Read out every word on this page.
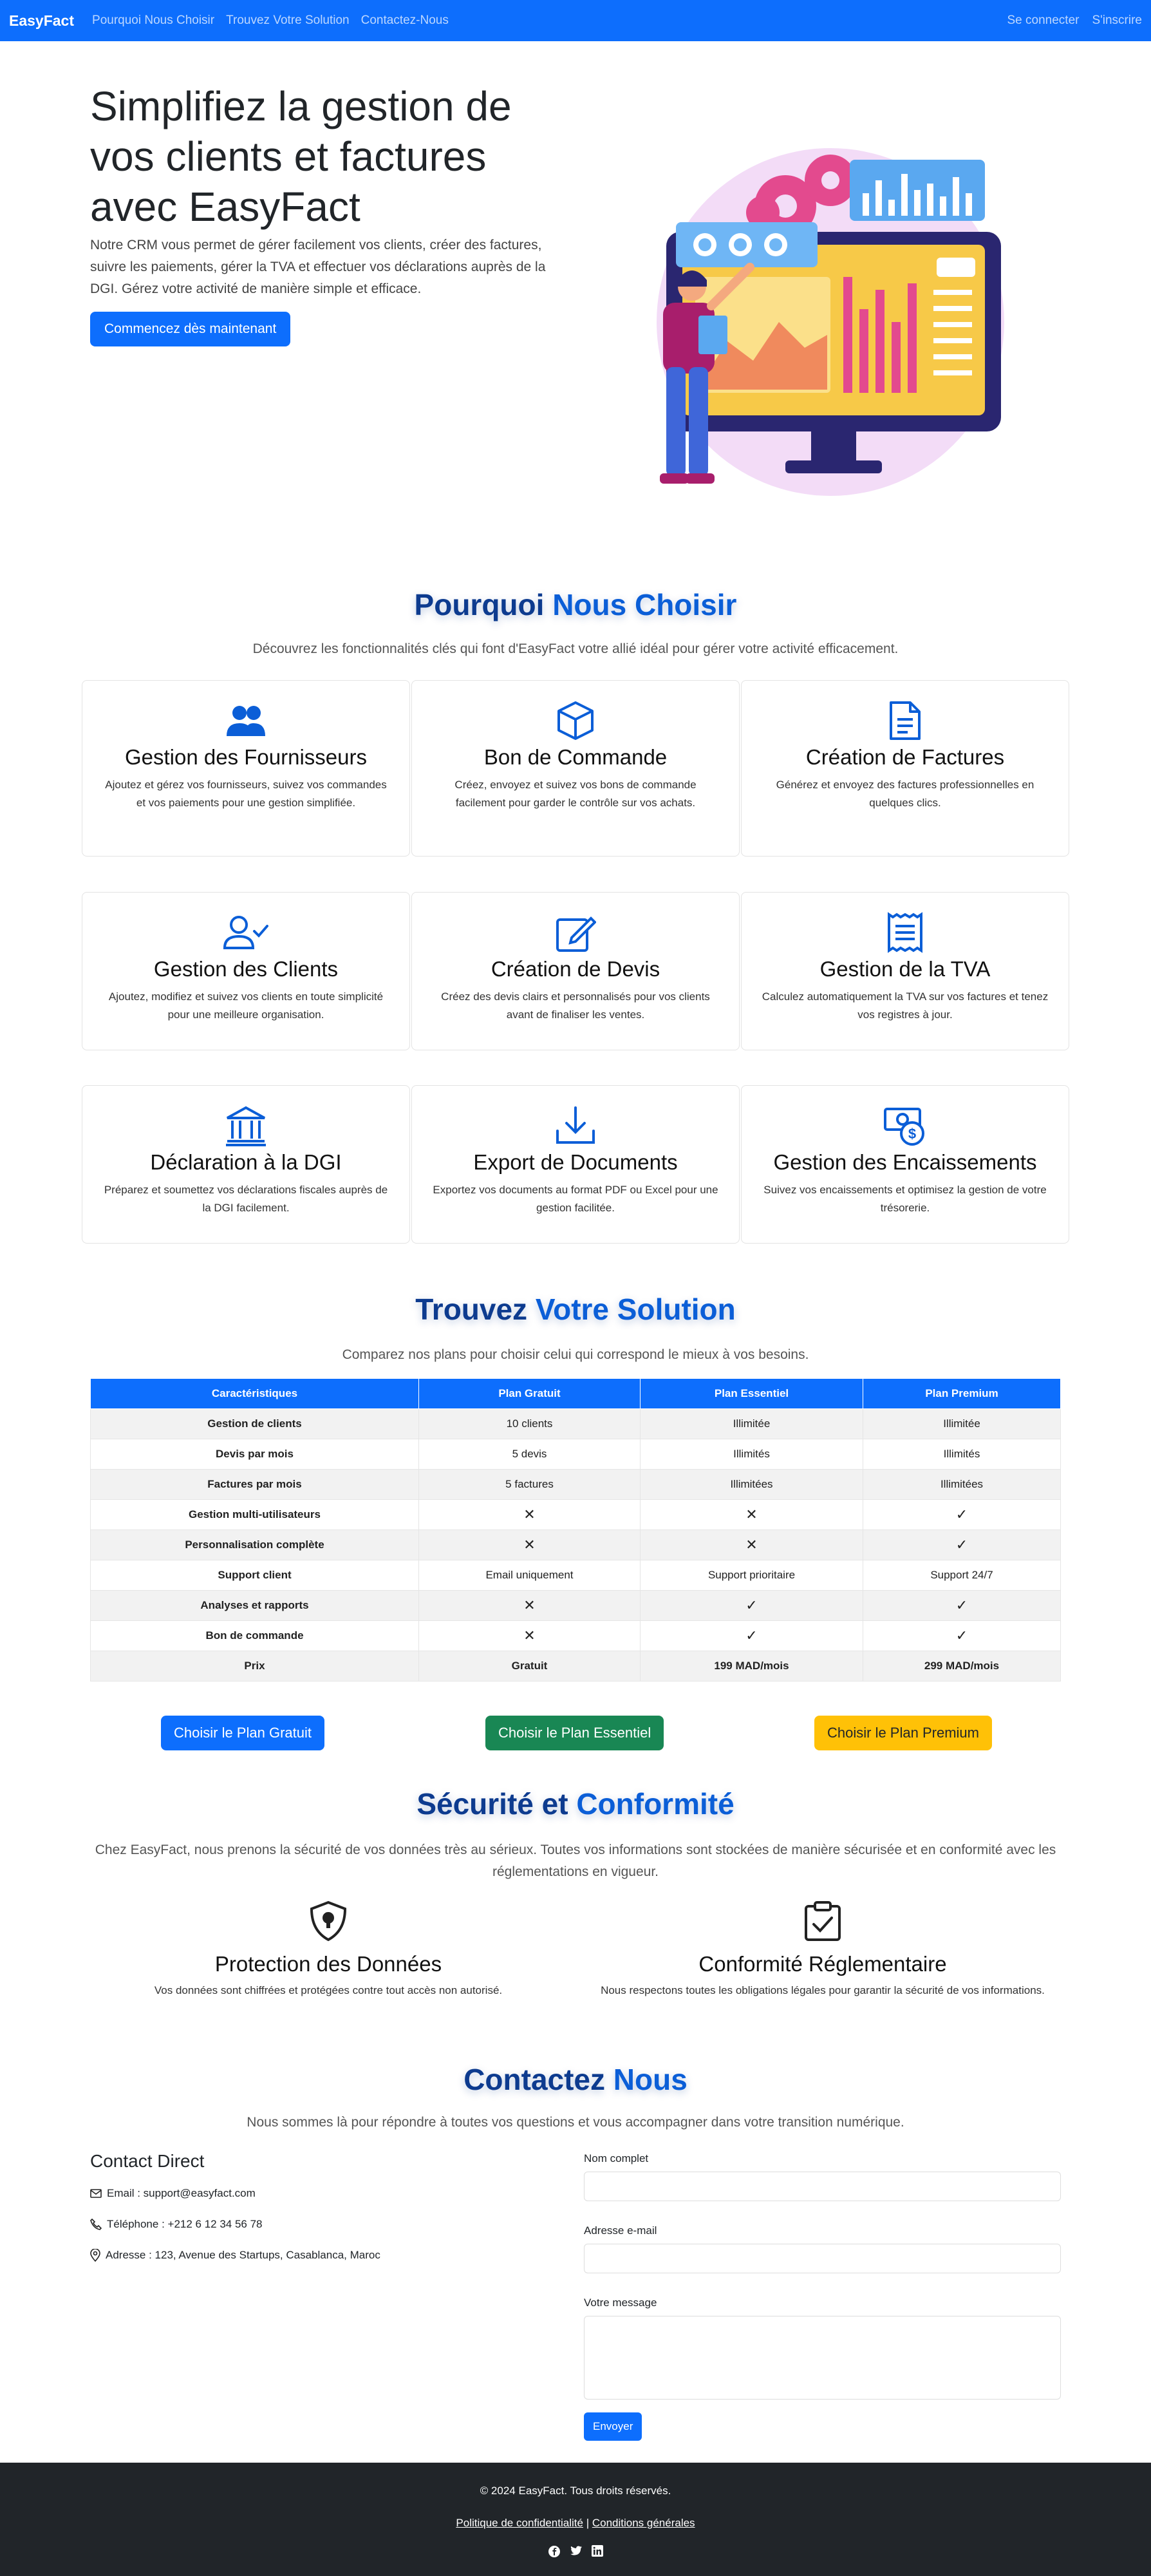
EasyFact Pourquoi Nous Choisir Trouvez Votre Solution Contactez-Nous	Se connecter S'inscrire
Simplifiez la gestion de vos clients et factures avec EasyFact

Notre CRM vous permet de gérer facilement vos clients, créer des factures, suivre les paiements, gérer la TVA et effectuer vos déclarations auprès de la DGI. Gérez votre activité de manière simple et efficace.

Commencez dès maintenant
Pourquoi Nous Choisir
Découvrez les fonctionnalités clés qui font d'EasyFact votre allié idéal pour gérer votre activité efficacement.
Gestion des Fournisseurs

Ajoutez et gérez vos fournisseurs, suivez vos commandes et vos paiements pour une gestion simplifiée.

Bon de Commande

Créez, envoyez et suivez vos bons de commande facilement pour garder le contrôle sur vos achats.

Création de Factures

Générez et envoyez des factures professionnelles en quelques clics.

Gestion des Clients

Ajoutez, modifiez et suivez vos clients en toute simplicité pour une meilleure organisation.

Création de Devis

Créez des devis clairs et personnalisés pour vos clients avant de finaliser les ventes.

Gestion de la TVA

Calculez automatiquement la TVA sur vos factures et tenez vos registres à jour.

Déclaration à la DGI

Préparez et soumettez vos déclarations fiscales auprès de la DGI facilement.

Export de Documents

Exportez vos documents au format PDF ou Excel pour une gestion facilitée.

$
Gestion des Encaissements

Suivez vos encaissements et optimisez la gestion de votre trésorerie.

Trouvez Votre Solution
Comparez nos plans pour choisir celui qui correspond le mieux à vos besoins.
Caractéristiques	Plan Gratuit	Plan Essentiel	Plan Premium
Gestion de clients	10 clients	Illimitée	Illimitée
Devis par mois	5 devis	Illimités	Illimités
Factures par mois	5 factures	Illimitées	Illimitées
Gestion multi-utilisateurs	✕	✕	✓
Personnalisation complète	✕	✕	✓
Support client	Email uniquement	Support prioritaire	Support 24/7
Analyses et rapports	✕	✓	✓
Bon de commande	✕	✓	✓
Prix	Gratuit	199 MAD/mois	299 MAD/mois
Choisir le Plan Gratuit	Choisir le Plan Essentiel	Choisir le Plan Premium
Sécurité et Conformité
Chez EasyFact, nous prenons la sécurité de vos données très au sérieux. Toutes vos informations sont stockées de manière sécurisée et en conformité avec les réglementations en vigueur.
Protection des Données

Vos données sont chiffrées et protégées contre tout accès non autorisé.

Conformité Réglementaire

Nous respectons toutes les obligations légales pour garantir la sécurité de vos informations.

Contactez Nous
Nous sommes là pour répondre à toutes vos questions et vous accompagner dans votre transition numérique.
Contact Direct
Email : support@easyfact.com
Téléphone : +212 6 12 34 56 78
Adresse : 123, Avenue des Startups, Casablanca, Maroc
Nom complet
Adresse e-mail
Votre message
Envoyer
© 2024 EasyFact. Tous droits réservés.
Politique de confidentialité | Conditions générales
